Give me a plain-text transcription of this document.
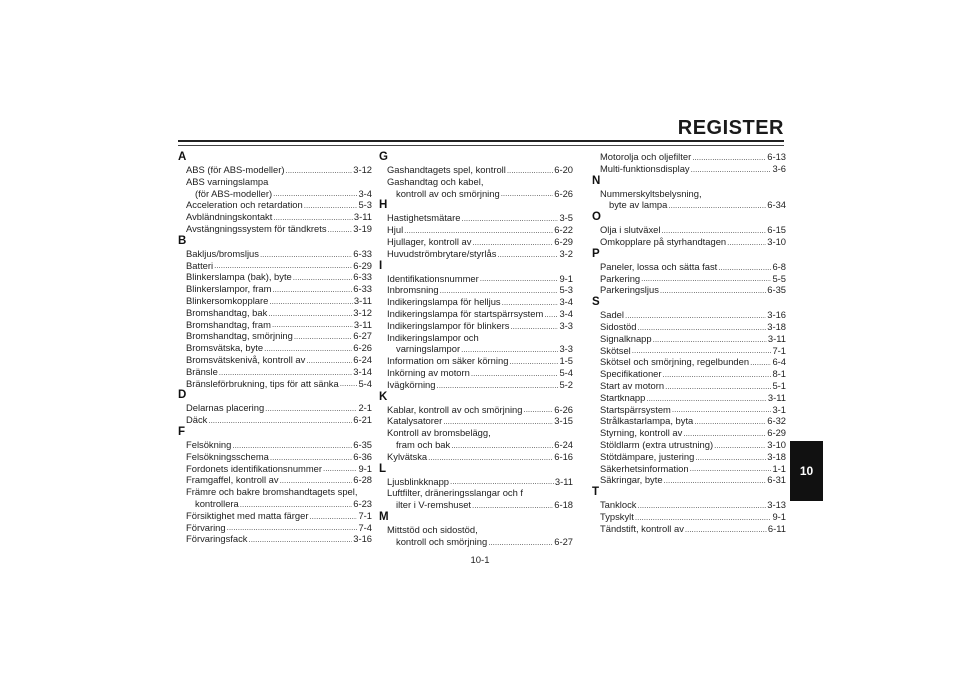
REGISTER
A
ABS (för ABS-modeller) .....	3-12
ABS varningslampa
(för ABS-modeller) .....	3-4
Acceleration och retardation .....	5-3
Avbländningskontakt .....	3-11
Avstängningssystem för tändkrets .....	3-19
B
Bakljus/bromsljus .....	6-33
Batteri .....	6-29
Blinkerslampa (bak), byte .....	6-33
Blinkerslampor, fram .....	6-33
Blinkersomkopplare .....	3-11
Bromshandtag, bak .....	3-12
Bromshandtag, fram .....	3-11
Bromshandtag, smörjning .....	6-27
Bromsvätska, byte .....	6-26
Bromsvätskenivå, kontroll av .....	6-24
Bränsle .....	3-14
Bränsleförbrukning, tips för att sänka ..... 5-4
D
Delarnas placering .....	2-1
Däck .....	6-21
F
Felsökning .....	6-35
Felsökningsschema .....	6-36
Fordonets identifikationsnummer .....	9-1
Framgaffel, kontroll av .....	6-28
Främre och bakre bromshandtagets spel,
kontrollera .....	6-23
Försiktighet med matta färger .....	7-1
Förvaring .....	7-4
Förvaringsfack .....	3-16
G
Gashandtagets spel, kontroll .....	6-20
Gashandtag och kabel,
kontroll av och smörjning .....	6-26
H
Hastighetsmätare .....	3-5
Hjul .....	6-22
Hjullager, kontroll av .....	6-29
Huvudströmbrytare/styrlås .....	3-2
I
Identifikationsnummer .....	9-1
Inbromsning .....	5-3
Indikeringslampa för helljus .....	3-4
Indikeringslampa för startspärrsystem ..... 3-4
Indikeringslampor för blinkers .....	3-3
Indikeringslampor och
varningslampor .....	3-3
Information om säker körning .....	1-5
Inkörning av motorn .....	5-4
Ivägkörning .....	5-2
K
Kablar, kontroll av och smörjning .....	6-26
Katalysatorer .....	3-15
Kontroll av bromsbelägg,
fram och bak .....	6-24
Kylvätska .....	6-16
L
Ljusblinkknapp .....	3-11
Luftfilter, dräneringsslangar och f
ilter i V-remshuset .....	6-18
M
Mittstöd och sidostöd,
kontroll och smörjning .....	6-27
Motorolja och oljefilter .....	6-13
Multi-funktionsdisplay .....	3-6
N
Nummerskyltsbelysning,
byte av lampa .....	6-34
O
Olja i slutväxel .....	6-15
Omkopplare på styrhandtagen .....	3-10
P
Paneler, lossa och sätta fast .....	6-8
Parkering .....	5-5
Parkeringsljus .....	6-35
S
Sadel .....	3-16
Sidostöd .....	3-18
Signalknapp .....	3-11
Skötsel .....	7-1
Skötsel och smörjning, regelbunden ..... 6-4
Specifikationer .....	8-1
Start av motorn .....	5-1
Startknapp .....	3-11
Startspärrsystem .....	3-1
Strålkastarlampa, byta .....	6-32
Styrning, kontroll av .....	6-29
Stöldlarm (extra utrustning) .....	3-10
Stötdämpare, justering .....	3-18
Säkerhetsinformation .....	1-1
Säkringar, byte .....	6-31
T
Tanklock .....	3-13
Typskylt .....	9-1
Tändstift, kontroll av .....	6-11
10
10-1
